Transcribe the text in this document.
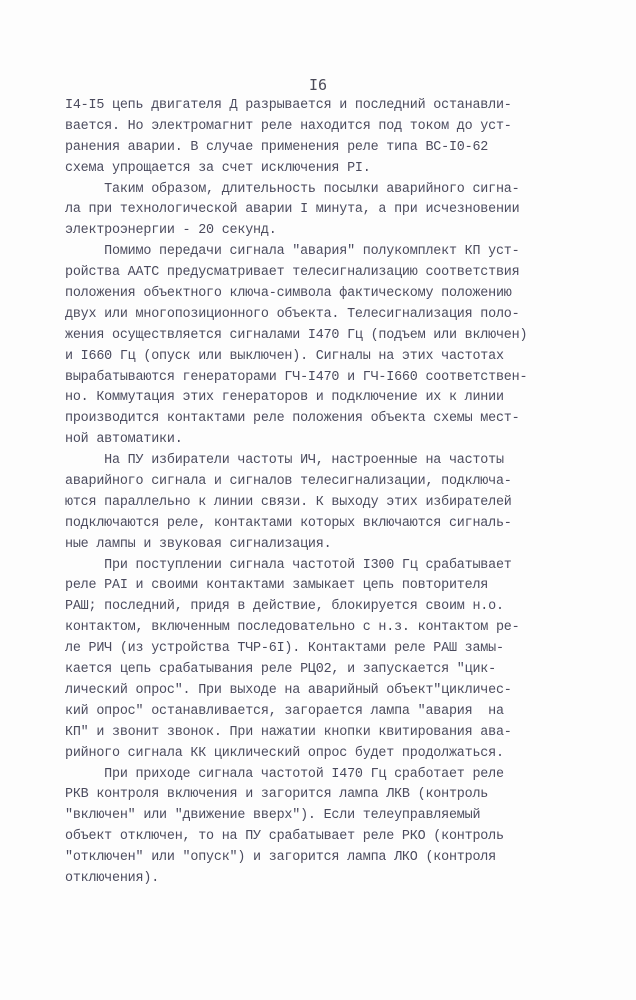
I6
I4-I5 цепь двигателя Д разрывается и последний останавли-
вается. Но электромагнит реле находится под током до уст-
ранения аварии. В случае применения реле типа ВС-I0-62
схема упрощается за счет исключения PI.
Таким образом, длительность посылки аварийного сигна-
ла при технологической аварии I минута, а при исчезновении
электроэнергии - 20 секунд.
Помимо передачи сигнала "авария" полукомплект КП уст-
ройства ААТС предусматривает телесигнализацию соответствия
положения объектного ключа-символа фактическому положению
двух или многопозиционного объекта. Телесигнализация поло-
жения осуществляется сигналами I470 Гц (подъем или включен)
и I660 Гц (опуск или выключен). Сигналы на этих частотах
вырабатываются генераторами ГЧ-I470 и ГЧ-I660 соответствен-
но. Коммутация этих генераторов и подключение их к линии
производится контактами реле положения объекта схемы мест-
ной автоматики.
На ПУ избиратели частоты ИЧ, настроенные на частоты
аварийного сигнала и сигналов телесигнализации, подключа-
ются параллельно к линии связи. К выходу этих избирателей
подключаются реле, контактами которых включаются сигналь-
ные лампы и звуковая сигнализация.
При поступлении сигнала частотой I300 Гц срабатывает
реле PAI и своими контактами замыкает цепь повторителя
РАШ; последний, придя в действие, блокируется своим н.о.
контактом, включенным последовательно с н.з. контактом ре-
ле РИЧ (из устройства ТЧР-6I). Контактами реле РАШ замы-
кается цепь срабатывания реле РЦ02, и запускается "цик-
лический опрос". При выходе на аварийный объект"цикличес-
кий опрос" останавливается, загорается лампа "авария  на
КП" и звонит звонок. При нажатии кнопки квитирования ава-
рийного сигнала КК циклический опрос будет продолжаться.
При приходе сигнала частотой I470 Гц сработает реле
РКВ контроля включения и загорится лампа ЛКВ (контроль
"включен" или "движение вверх"). Если телеуправляемый
объект отключен, то на ПУ срабатывает реле РКО (контроль
"отключен" или "опуск") и загорится лампа ЛКО (контроля
отключения).
